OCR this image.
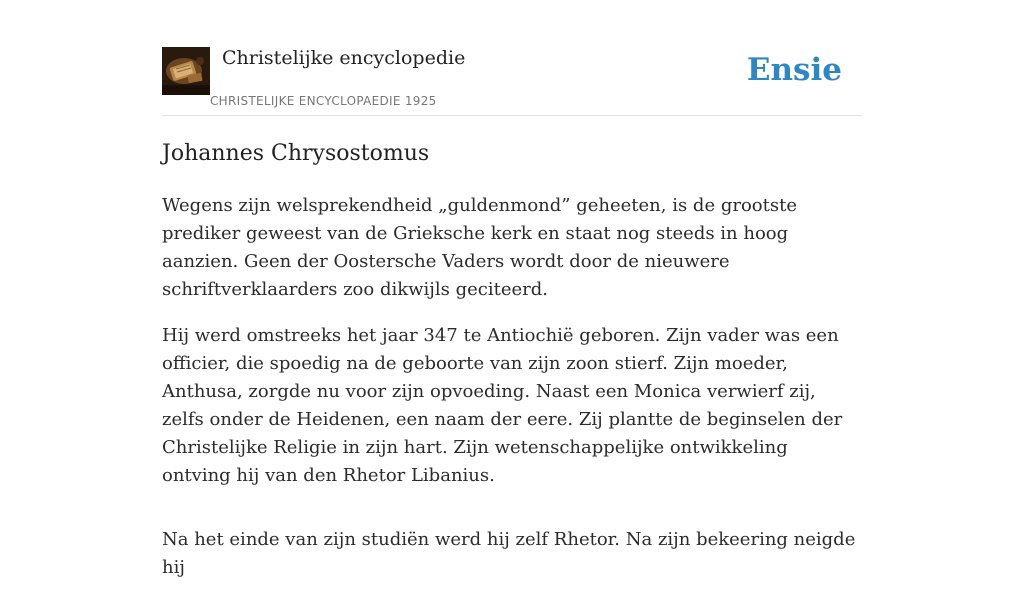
Christelijke encyclopedie
CHRISTELIJKE ENCYCLOPAEDIE 1925
Ensie
Johannes Chrysostomus

Wegens zijn welsprekendheid „guldenmond” geheeten, is de grootste prediker geweest van de Grieksche kerk en staat nog steeds in hoog aanzien. Geen der Oostersche Vaders wordt door de nieuwere schriftverklaarders zoo dikwijls geciteerd.

Hij werd omstreeks het jaar 347 te Antiochië geboren. Zijn vader was een officier, die spoedig na de geboorte van zijn zoon stierf. Zijn moeder, Anthusa, zorgde nu voor zijn opvoeding. Naast een Monica verwierf zij, zelfs onder de Heidenen, een naam der eere. Zij plantte de beginselen der Christelijke Religie in zijn hart. Zijn wetenschappelijke ontwikkeling ontving hij van den Rhetor Libanius.

Na het einde van zijn studiën werd hij zelf Rhetor. Na zijn bekeering neigde hij
